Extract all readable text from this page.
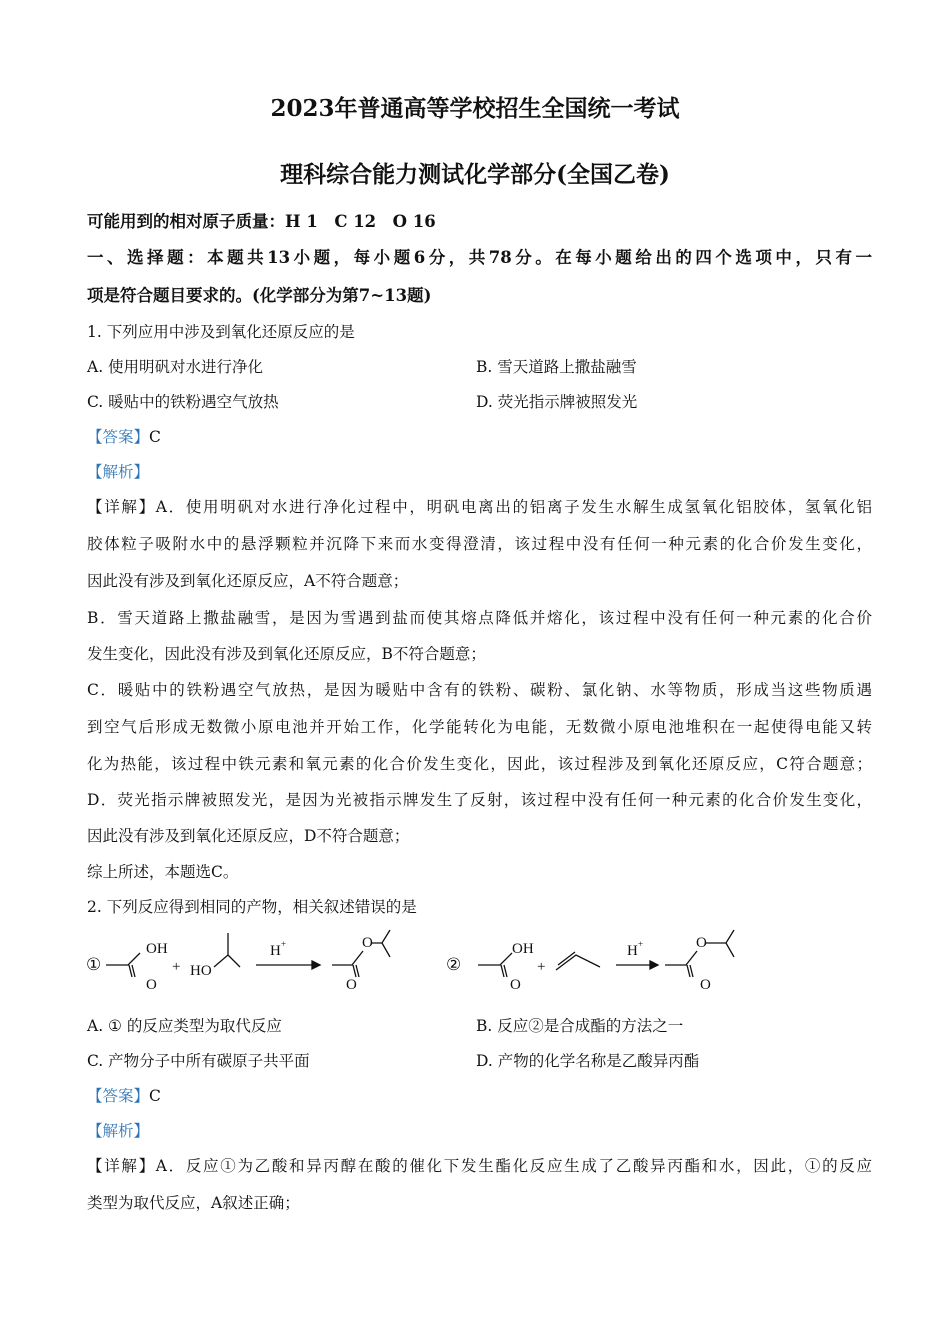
2023年普通高等学校招生全国统一考试
理科综合能力测试化学部分(全国乙卷)
可能用到的相对原子质量：H 1　C 12　O 16
一、选择题：本题共13小题，每小题6分，共78分。在每小题给出的四个选项中，只有一
项是符合题目要求的。(化学部分为第7~13题)
1. 下列应用中涉及到氧化还原反应的是
A. 使用明矾对水进行净化	B. 雪天道路上撒盐融雪
C. 暖贴中的铁粉遇空气放热	D. 荧光指示牌被照发光
【答案】C
【解析】
【详解】A．使用明矾对水进行净化过程中，明矾电离出的铝离子发生水解生成氢氧化铝胶体，氢氧化铝
胶体粒子吸附水中的悬浮颗粒并沉降下来而水变得澄清，该过程中没有任何一种元素的化合价发生变化，
因此没有涉及到氧化还原反应，A不符合题意；
B．雪天道路上撒盐融雪，是因为雪遇到盐而使其熔点降低并熔化，该过程中没有任何一种元素的化合价
发生变化，因此没有涉及到氧化还原反应，B不符合题意；
C．暖贴中的铁粉遇空气放热，是因为暖贴中含有的铁粉、碳粉、氯化钠、水等物质，形成当这些物质遇
到空气后形成无数微小原电池并开始工作，化学能转化为电能，无数微小原电池堆积在一起使得电能又转
化为热能，该过程中铁元素和氧元素的化合价发生变化，因此，该过程涉及到氧化还原反应，C符合题意；
D．荧光指示牌被照发光，是因为光被指示牌发生了反射，该过程中没有任何一种元素的化合价发生变化，
因此没有涉及到氧化还原反应，D不符合题意；
综上所述，本题选C。
2. 下列反应得到相同的产物，相关叙述错误的是
①
OH
O
+ HO
H +	O
O
②
OH
O
+
H +	O
O
A. ① 的反应类型为取代反应	B. 反应②是合成酯的方法之一
C. 产物分子中所有碳原子共平面	D. 产物的化学名称是乙酸异丙酯
【答案】C
【解析】
【详解】A．反应①为乙酸和异丙醇在酸的催化下发生酯化反应生成了乙酸异丙酯和水，因此，①的反应
类型为取代反应，A叙述正确；
